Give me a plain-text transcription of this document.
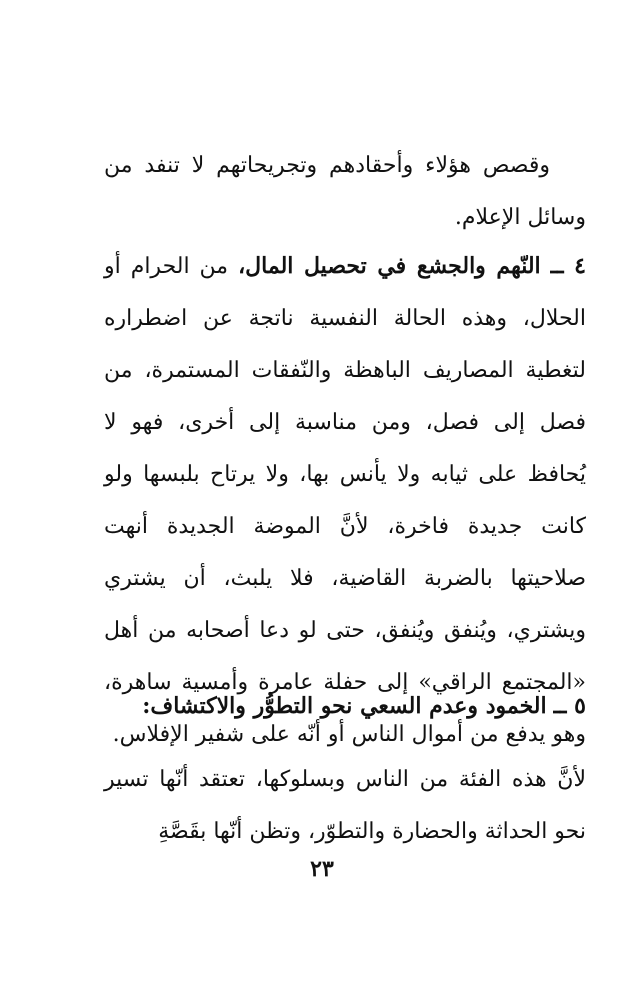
وقصص هؤلاء وأحقادهم وتجريحاتهم لا تنفد من وسائل الإعلام.

٤ ــ النّهم والجشع في تحصيل المال، من الحرام أو الحلال، وهذه الحالة النفسية ناتجة عن اضطراره لتغطية المصاريف الباهظة والنّفقات المستمرة، من فصل إلى فصل، ومن مناسبة إلى أخرى، فهو لا يُحافظ على ثيابه ولا يأنس بها، ولا يرتاح بلبسها ولو كانت جديدة فاخرة، لأنَّ الموضة الجديدة أنهت صلاحيتها بالضربة القاضية، فلا يلبث، أن يشتري ويشتري، ويُنفق ويُنفق، حتى لو دعا أصحابه من أهل «المجتمع الراقي» إلى حفلة عامرة وأمسية ساهرة، وهو يدفع من أموال الناس أو أنّه على شفير الإفلاس.

٥ ــ الخمود وعدم السعي نحو التطوُّر والاكتشاف:

لأنَّ هذه الفئة من الناس وبسلوكها، تعتقد أنّها تسير نحو الحداثة والحضارة والتطوّر، وتظن أنّها بقَصَّةِ

٢٣
